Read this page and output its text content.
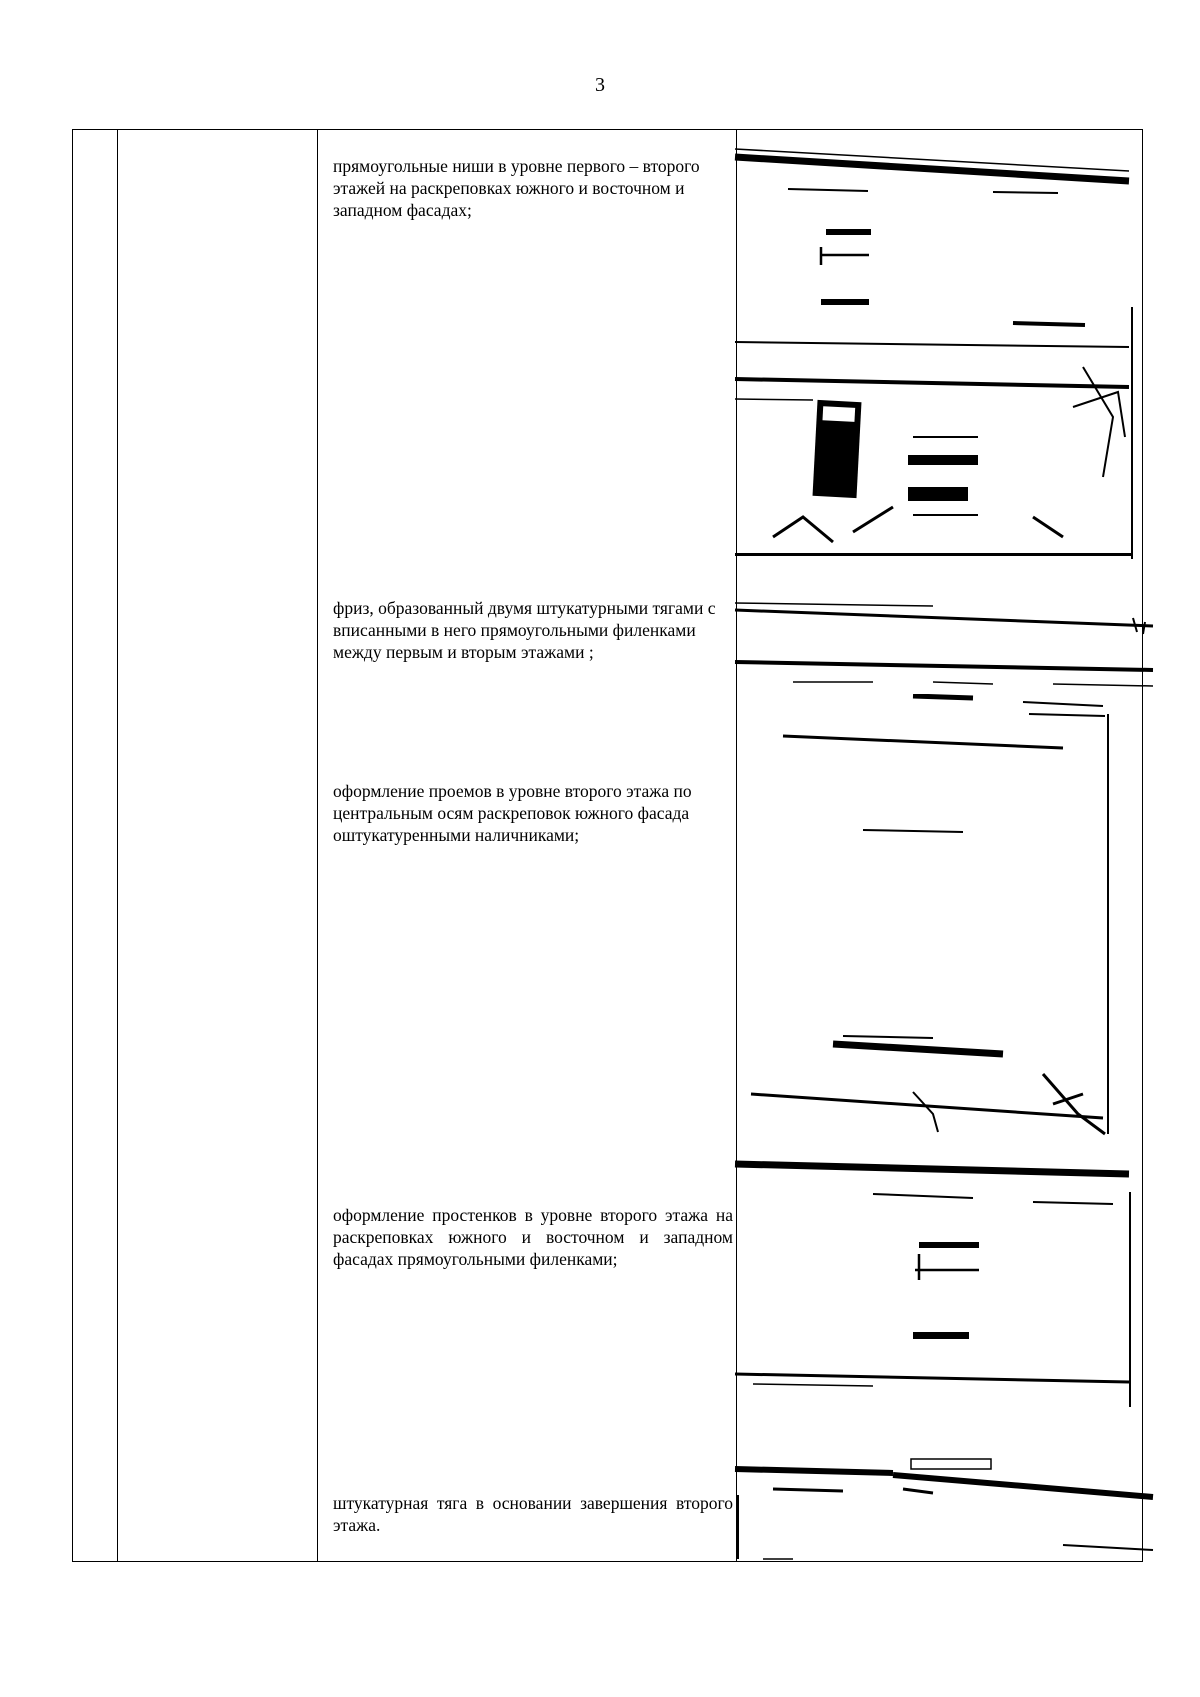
3
прямоугольные ниши в уровне первого – второго этажей на раскреповках южного и восточном и западном фасадах;
фриз, образованный двумя штукатурными тягами с вписанными в него прямоугольными филенками между первым и вторым этажами ;
оформление проемов в уровне второго этажа по центральным осям раскреповок южного фасада оштукатуренными наличниками;
оформление простенков в уровне второго этажа на раскреповках южного и восточном и западном фасадах прямоугольными филенками;
штукатурная тяга в основании завершения второго этажа.
